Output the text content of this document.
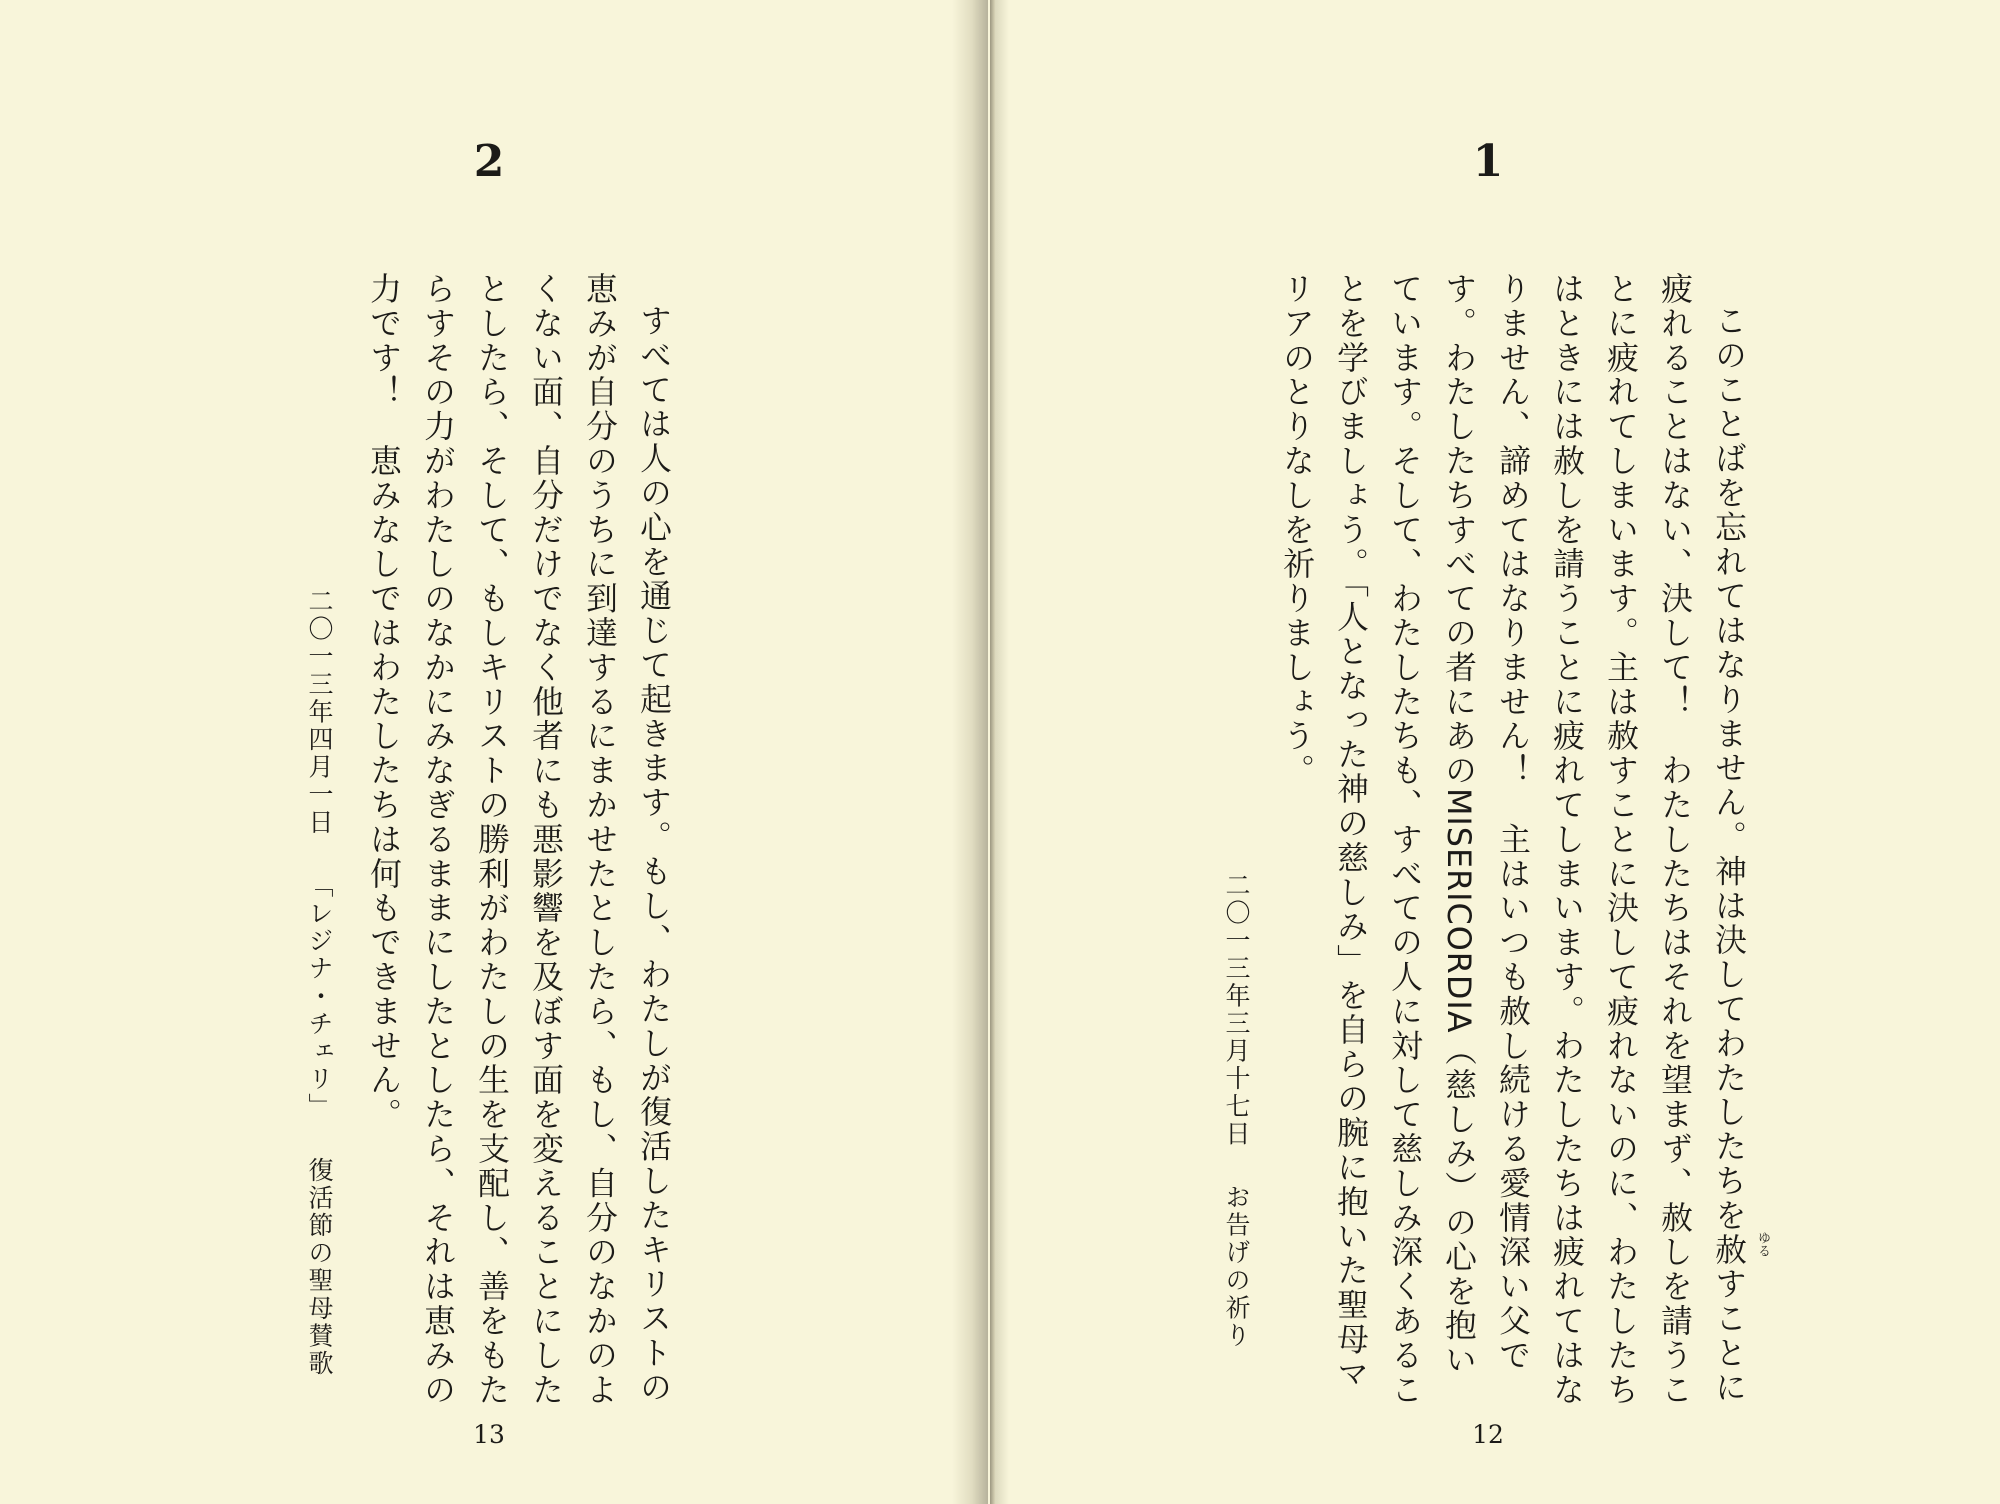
2

すべては人の心を通じて起きます。もし、わたしが復活したキリストの

恵みが自分のうちに到達するにまかせたとしたら、もし、自分のなかのよ

くない面、自分だけでなく他者にも悪影響を及ぼす面を変えることにした

としたら、そして、もしキリストの勝利がわたしの生を支配し、善をもた

らすその力がわたしのなかにみなぎるままにしたとしたら、それは恵みの

力です！　恵みなしではわたしたちは何もできません。

二〇一三年四月一日「レジナ・チェリ」復活節の聖母賛歌
13
1

このことばを忘れてはなりません。神は決してわたしたちを赦 ゆる
すことに

疲れることはない、決して！　わたしたちはそれを望まず、赦しを請うこ

とに疲れてしまいます。主は赦すことに決して疲れないのに、わたしたち

はときには赦しを請うことに疲れてしまいます。わたしたちは疲れてはな

りません、諦めてはなりません！　主はいつも赦し続ける愛情深い父で

す。わたしたちすべての者にあのMISERICORDIA（慈しみ）の心を抱い

ています。そして、わたしたちも、すべての人に対して慈しみ深くあるこ

とを学びましょう。「人となった神の慈しみ」を自らの腕に抱いた聖母マ

リアのとりなしを祈りましょう。

二〇一三年三月十七日お告げの祈り
12
